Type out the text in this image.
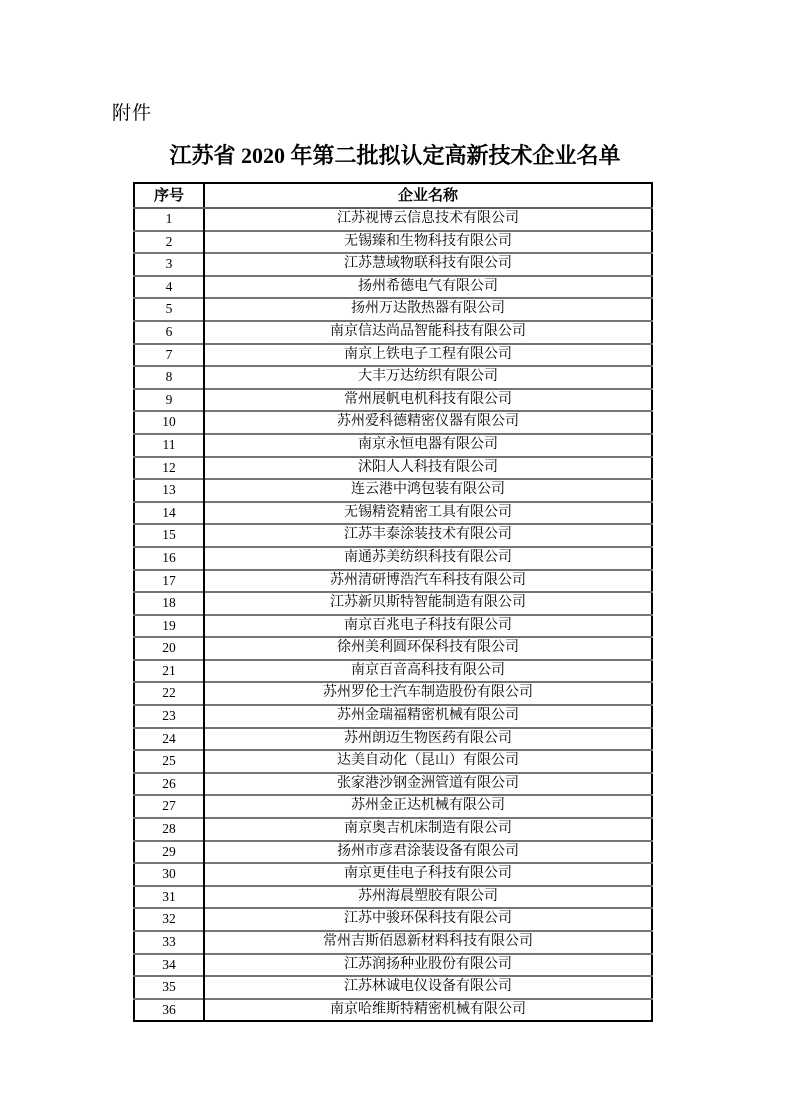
附件
江苏省 2020 年第二批拟认定高新技术企业名单
序号	企业名称
1	江苏视博云信息技术有限公司
2	无锡臻和生物科技有限公司
3	江苏慧域物联科技有限公司
4	扬州希德电气有限公司
5	扬州万达散热器有限公司
6	南京信达尚品智能科技有限公司
7	南京上铁电子工程有限公司
8	大丰万达纺织有限公司
9	常州展帆电机科技有限公司
10	苏州爱科德精密仪器有限公司
11	南京永恒电器有限公司
12	沭阳人人科技有限公司
13	连云港中鸿包装有限公司
14	无锡精瓷精密工具有限公司
15	江苏丰泰涂装技术有限公司
16	南通苏美纺织科技有限公司
17	苏州清研博浩汽车科技有限公司
18	江苏新贝斯特智能制造有限公司
19	南京百兆电子科技有限公司
20	徐州美利圆环保科技有限公司
21	南京百音高科技有限公司
22	苏州罗伦士汽车制造股份有限公司
23	苏州金瑞福精密机械有限公司
24	苏州朗迈生物医药有限公司
25	达美自动化（昆山）有限公司
26	张家港沙钢金洲管道有限公司
27	苏州金正达机械有限公司
28	南京奥吉机床制造有限公司
29	扬州市彦君涂装设备有限公司
30	南京更佳电子科技有限公司
31	苏州海晨塑胶有限公司
32	江苏中骏环保科技有限公司
33	常州吉斯佰恩新材料科技有限公司
34	江苏润扬种业股份有限公司
35	江苏林诚电仪设备有限公司
36	南京哈维斯特精密机械有限公司
